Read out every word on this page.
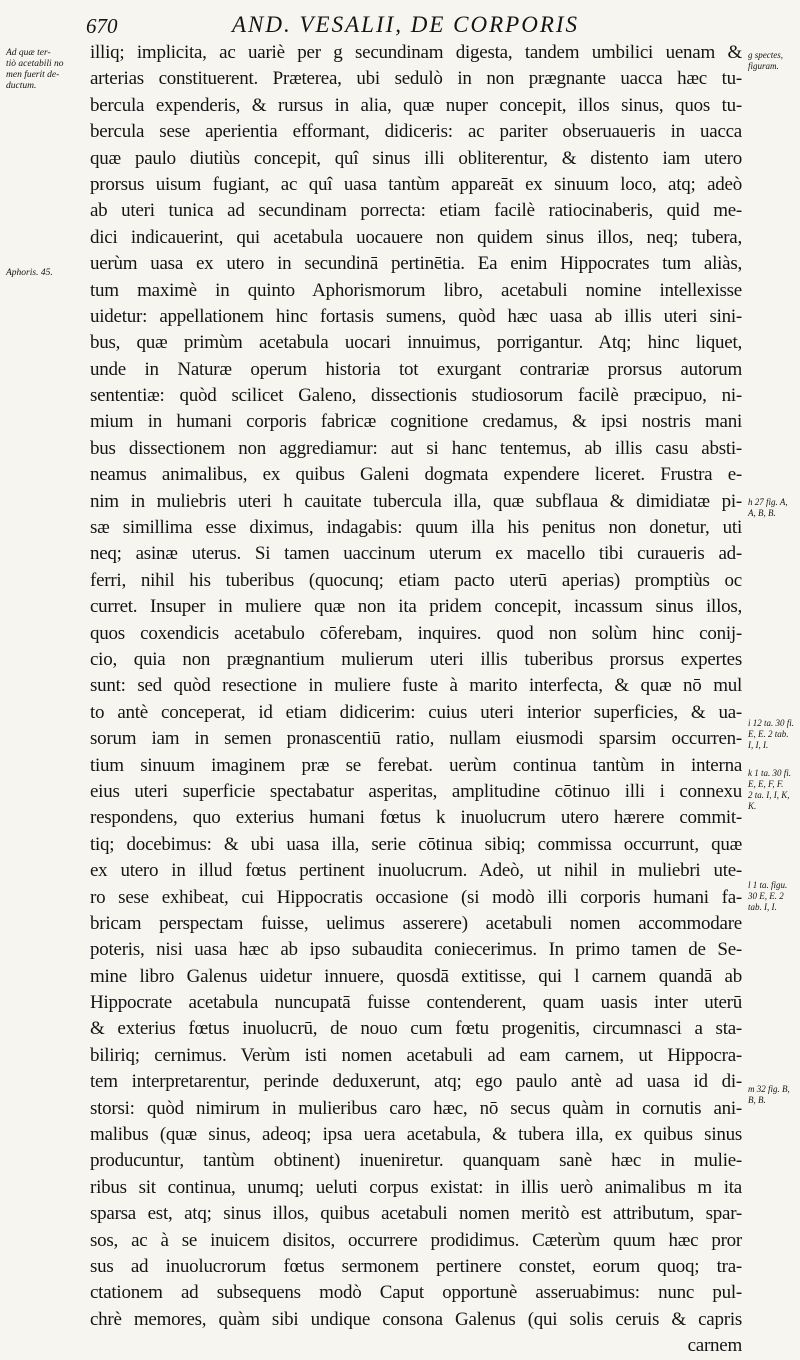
670	AND. VESALII, DE CORPORIS
illiq; implicita, ac uariè per g secundinam digesta, tandem umbilici uenam &
arterias constituerent. Præterea, ubi sedulò in non prægnante uacca hæc tu-
bercula expenderis, & rursus in alia, quæ nuper concepit, illos sinus, quos tu-
bercula sese aperientia efformant, didiceris: ac pariter obseruaueris in uacca
quæ paulo diutiùs concepit, quî sinus illi obliterentur, & distento iam utero
prorsus uisum fugiant, ac quî uasa tantùm appareāt ex sinuum loco, atq; adeò
ab uteri tunica ad secundinam porrecta: etiam facilè ratiocinaberis, quid me-
dici indicauerint, qui acetabula uocauere non quidem sinus illos, neq; tubera,
uerùm uasa ex utero in secundinā pertinētia. Ea enim Hippocrates tum aliàs,
tum maximè in quinto Aphorismorum libro, acetabuli nomine intellexisse
uidetur: appellationem hinc fortasis sumens, quòd hæc uasa ab illis uteri sini-
bus, quæ primùm acetabula uocari innuimus, porrigantur. Atq; hinc liquet,
unde in Naturæ operum historia tot exurgant contrariæ prorsus autorum
sententiæ: quòd scilicet Galeno, dissectionis studiosorum facilè præcipuo, ni-
mium in humani corporis fabricæ cognitione credamus, & ipsi nostris mani
bus dissectionem non aggrediamur: aut si hanc tentemus, ab illis casu absti-
neamus animalibus, ex quibus Galeni dogmata expendere liceret. Frustra e-
nim in muliebris uteri h cauitate tubercula illa, quæ subflaua & dimidiatæ pi-
sæ simillima esse diximus, indagabis: quum illa his penitus non donetur, uti
neq; asinæ uterus. Si tamen uaccinum uterum ex macello tibi curaueris ad-
ferri, nihil his tuberibus (quocunq; etiam pacto uterū aperias) promptiùs oc
curret. Insuper in muliere quæ non ita pridem concepit, incassum sinus illos,
quos coxendicis acetabulo cōferebam, inquires. quod non solùm hinc conij-
cio, quia non prægnantium mulierum uteri illis tuberibus prorsus expertes
sunt: sed quòd resectione in muliere fuste à marito interfecta, & quæ nō mul
to antè conceperat, id etiam didicerim: cuius uteri interior superficies, & ua-
sorum iam in semen pronascentiū ratio, nullam eiusmodi sparsim occurren-
tium sinuum imaginem præ se ferebat. uerùm continua tantùm in interna
eius uteri superficie spectabatur asperitas, amplitudine cōtinuo illi i connexu
respondens, quo exterius humani fœtus k inuolucrum utero hærere commit-
tiq; docebimus: & ubi uasa illa, serie cōtinua sibiq; commissa occurrunt, quæ
ex utero in illud fœtus pertinent inuolucrum. Adeò, ut nihil in muliebri ute-
ro sese exhibeat, cui Hippocratis occasione (si modò illi corporis humani fa-
bricam perspectam fuisse, uelimus asserere) acetabuli nomen accommodare
poteris, nisi uasa hæc ab ipso subaudita coniecerimus. In primo tamen de Se-
mine libro Galenus uidetur innuere, quosdā extitisse, qui l carnem quandā ab
Hippocrate acetabula nuncupatā fuisse contenderent, quam uasis inter uterū
& exterius fœtus inuolucrū, de nouo cum fœtu progenitis, circumnasci a sta-
biliriq; cernimus. Verùm isti nomen acetabuli ad eam carnem, ut Hippocra-
tem interpretarentur, perinde deduxerunt, atq; ego paulo antè ad uasa id di-
storsi: quòd nimirum in mulieribus caro hæc, nō secus quàm in cornutis ani-
malibus (quæ sinus, adeoq; ipsa uera acetabula, & tubera illa, ex quibus sinus
producuntur, tantùm obtinent) inueniretur. quanquam sanè hæc in mulie-
ribus sit continua, unumq; ueluti corpus existat: in illis uerò animalibus m ita
sparsa est, atq; sinus illos, quibus acetabuli nomen meritò est attributum, spar-
sos, ac à se inuicem disitos, occurrere prodidimus. Cæterùm quum hæc pror
sus ad inuolucrorum fœtus sermonem pertinere constet, eorum quoq; tra-
ctationem ad subsequens modò Caput opportunè asseruabimus: nunc pul-
chrè memores, quàm sibi undique consona Galenus (qui solis ceruis & capris
carnem
Ad quæ ter-
tiò acetabili no
men fuerit de-
ductum.
Aphoris. 45.
g spectes,
figuram.
h 27 fig. A,
A, B, B.
i 12 ta. 30 fi.
E, E. 2 tab.
I, I, I.
k 1 ta. 30 fi.
E, E, F, F.
2 ta. I, I, K,
K.
l 1 ta. figu.
30 E, E. 2
tab. I, I.
m 32 fig. B,
B, B.
